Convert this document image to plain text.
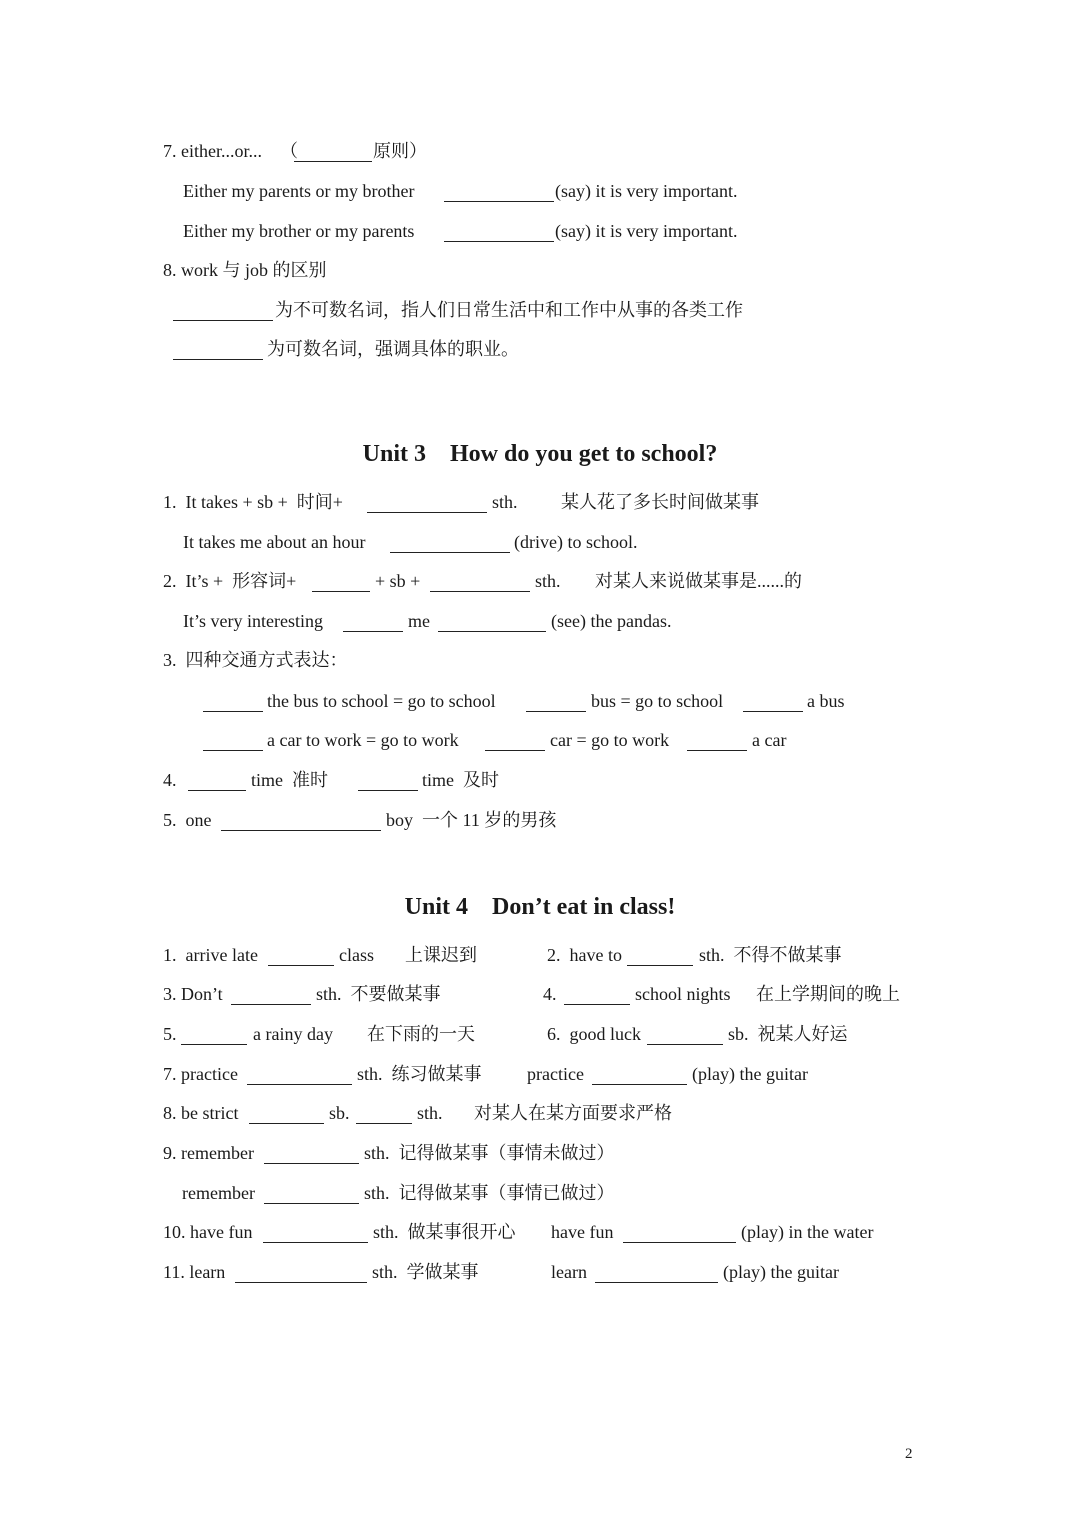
7. either...or...

（

	原则）

Either my parents or my brother

	(say) it is very important.

Either my brother or my parents

	(say) it is very important.

8. work 与 job 的区别

为不可数名词，指人们日常生活中和工作中从事的各类工作

为可数名词，强调具体的职业。

Unit 3    How do you get to school?

1.  It takes + sb +  时间+

	sth.

某人花了多长时间做某事

It takes me about an hour

	(drive) to school.

2.  It’s +  形容词+

	+ sb +

	sth.

对某人来说做某事是......的

It’s very interesting

	me

	(see) the pandas.

3.  四种交通方式表达：

the bus to school = go to school

	bus = go to school

	a bus

a car to work = go to work

	car = go to work

	a car

4.

	time  准时

	time  及时

5.  one

	boy  一个 11 岁的男孩

Unit 4    Don’t eat in class!

1.  arrive late

	class

上课迟到

	2.  have to

	sth.  不得不做某事

3. Don’t

	sth.  不要做某事

	4.

	school nights

在上学期间的晚上

5.

	a rainy day

在下雨的一天

	6.  good luck

	sb.  祝某人好运

7. practice

	sth.  练习做某事

	practice

	(play) the guitar

8. be strict

	sb.

	sth.

对某人在某方面要求严格

9. remember

	sth.  记得做某事（事情未做过）

remember

	sth.  记得做某事（事情已做过）

10. have fun

	sth.  做某事很开心

have fun

	(play) in the water

11. learn

	sth.  学做某事

	learn

	(play) the guitar

2
